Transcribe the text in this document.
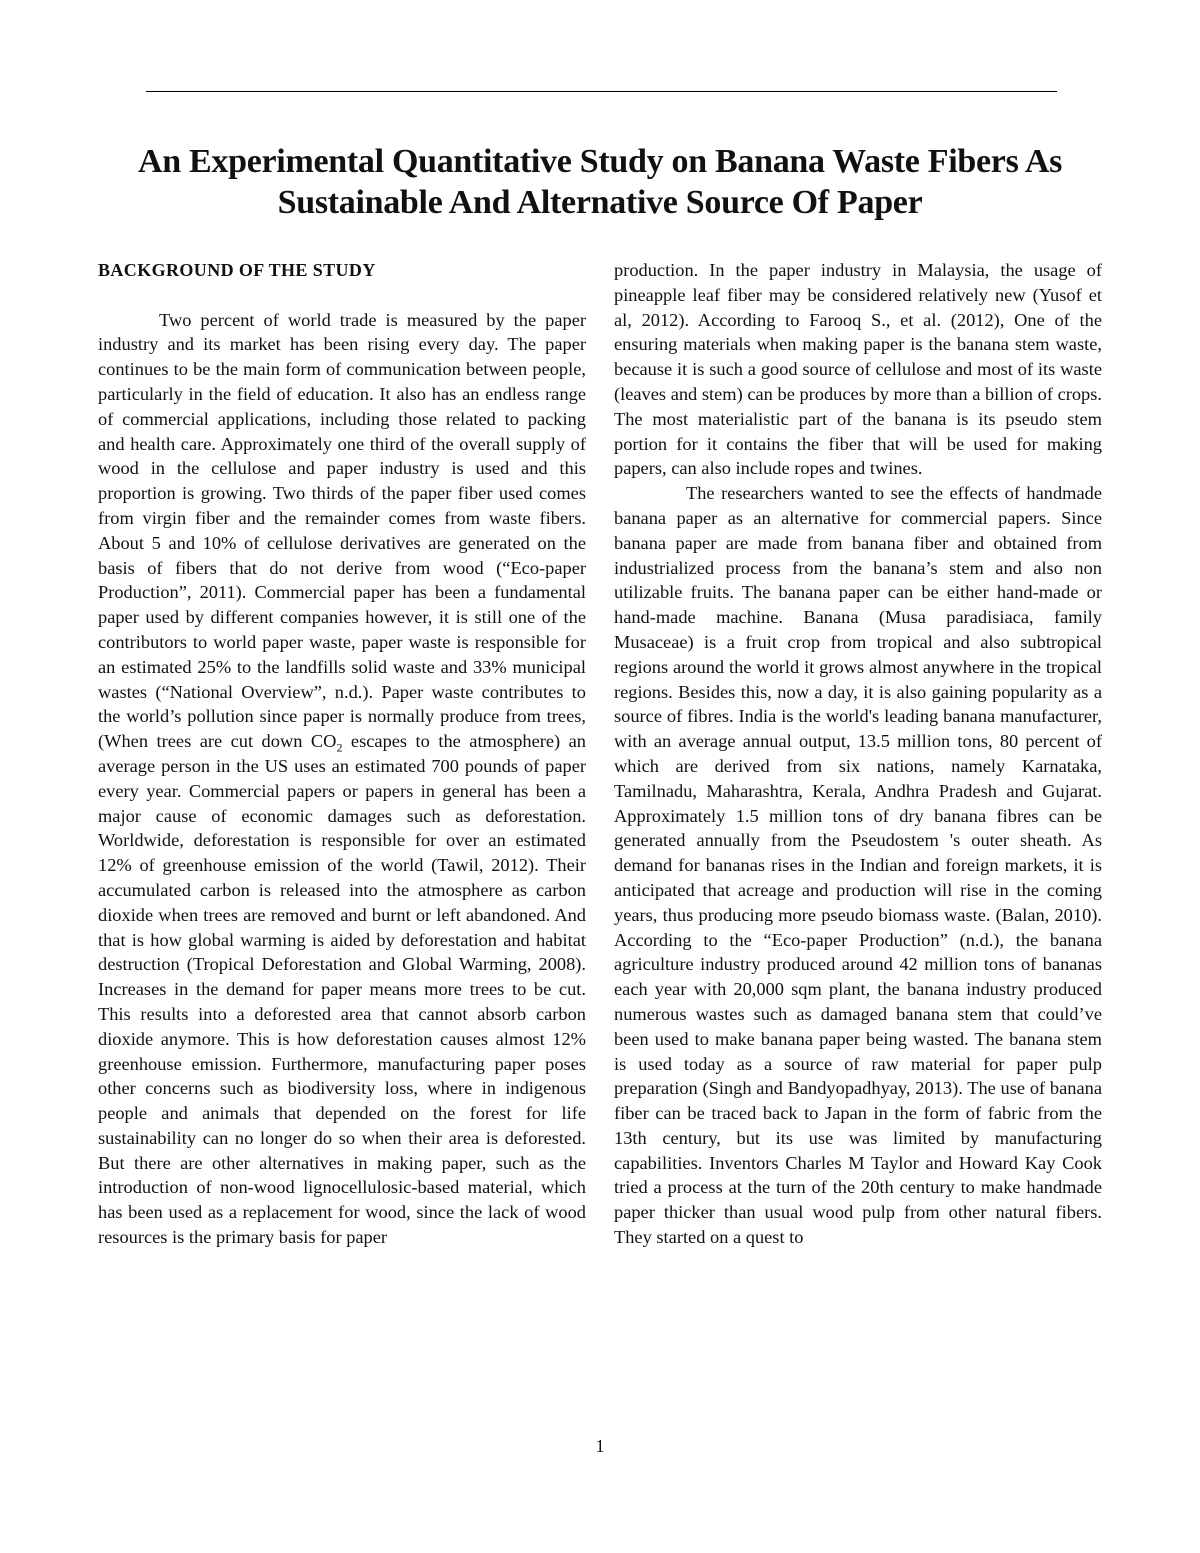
An Experimental Quantitative Study on Banana Waste Fibers As Sustainable And Alternative Source Of Paper
BACKGROUND OF THE STUDY

Two percent of world trade is measured by the paper industry and its market has been rising every day. The paper continues to be the main form of communication between people, particularly in the field of education. It also has an endless range of commercial applications, including those related to packing and health care. Approximately one third of the overall supply of wood in the cellulose and paper industry is used and this proportion is growing. Two thirds of the paper fiber used comes from virgin fiber and the remainder comes from waste fibers. About 5 and 10% of cellulose derivatives are generated on the basis of fibers that do not derive from wood (“Eco-paper Production”, 2011). Commercial paper has been a fundamental paper used by different companies however, it is still one of the contributors to world paper waste, paper waste is responsible for an estimated 25% to the landfills solid waste and 33% municipal wastes (“National Overview”, n.d.). Paper waste contributes to the world’s pollution since paper is normally produce from trees, (When trees are cut down $CO_2$ escapes to the atmosphere) an average person in the US uses an estimated 700 pounds of paper every year. Commercial papers or papers in general has been a major cause of economic damages such as deforestation. Worldwide, deforestation is responsible for over an estimated 12% of greenhouse emission of the world (Tawil, 2012). Their accumulated carbon is released into the atmosphere as carbon dioxide when trees are removed and burnt or left abandoned. And that is how global warming is aided by deforestation and habitat destruction (Tropical Deforestation and Global Warming, 2008). Increases in the demand for paper means more trees to be cut. This results into a deforested area that cannot absorb carbon dioxide anymore. This is how deforestation causes almost 12% greenhouse emission. Furthermore, manufacturing paper poses other concerns such as biodiversity loss, where in indigenous people and animals that depended on the forest for life sustainability can no longer do so when their area is deforested. But there are other alternatives in making paper, such as the introduction of non-wood lignocellulosic-based material, which has been used as a replacement for wood, since the lack of wood resources is the primary basis for paper

production. In the paper industry in Malaysia, the usage of pineapple leaf fiber may be considered relatively new (Yusof et al, 2012). According to Farooq S., et al. (2012), One of the ensuring materials when making paper is the banana stem waste, because it is such a good source of cellulose and most of its waste (leaves and stem) can be produces by more than a billion of crops. The most materialistic part of the banana is its pseudo stem portion for it contains the fiber that will be used for making papers, can also include ropes and twines.

The researchers wanted to see the effects of handmade banana paper as an alternative for commercial papers. Since banana paper are made from banana fiber and obtained from industrialized process from the banana’s stem and also non utilizable fruits. The banana paper can be either hand-made or hand-made machine. Banana (Musa paradisiaca, family Musaceae) is a fruit crop from tropical and also subtropical regions around the world it grows almost anywhere in the tropical regions. Besides this, now a day, it is also gaining popularity as a source of fibres. India is the world's leading banana manufacturer, with an average annual output, 13.5 million tons, 80 percent of which are derived from six nations, namely Karnataka, Tamilnadu, Maharashtra, Kerala, Andhra Pradesh and Gujarat. Approximately 1.5 million tons of dry banana fibres can be generated annually from the Pseudostem 's outer sheath. As demand for bananas rises in the Indian and foreign markets, it is anticipated that acreage and production will rise in the coming years, thus producing more pseudo biomass waste. (Balan, 2010). According to the “Eco-paper Production” (n.d.), the banana agriculture industry produced around 42 million tons of bananas each year with 20,000 sqm plant, the banana industry produced numerous wastes such as damaged banana stem that could’ve been used to make banana paper being wasted. The banana stem is used today as a source of raw material for paper pulp preparation (Singh and Bandyopadhyay, 2013). The use of banana fiber can be traced back to Japan in the form of fabric from the 13th century, but its use was limited by manufacturing capabilities. Inventors Charles M Taylor and Howard Kay Cook tried a process at the turn of the 20th century to make handmade paper thicker than usual wood pulp from other natural fibers. They started on a quest to

1
